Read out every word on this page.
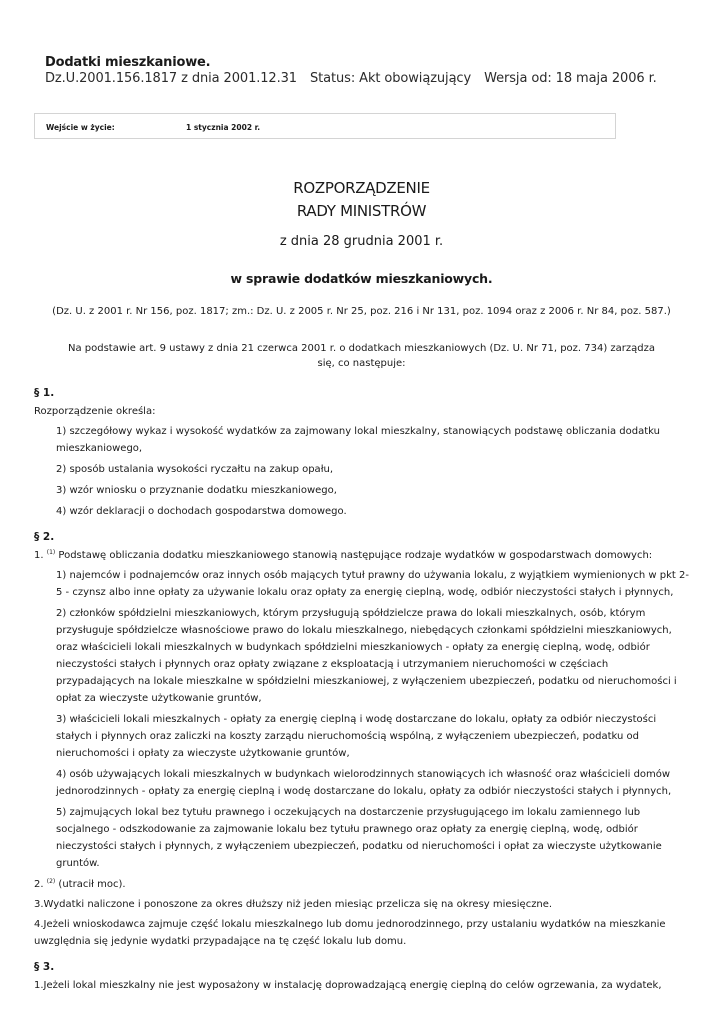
Dodatki mieszkaniowe.
Dz.U.2001.156.1817 z dnia 2001.12.31 Status: Akt obowiązujący Wersja od: 18 maja 2006 r.
Wejście w życie:	1 stycznia 2002 r.
ROZPORZĄDZENIE
RADY MINISTRÓW
z dnia 28 grudnia 2001 r.
w sprawie dodatków mieszkaniowych.
(Dz. U. z 2001 r. Nr 156, poz. 1817; zm.: Dz. U. z 2005 r. Nr 25, poz. 216 i Nr 131, poz. 1094 oraz z 2006 r. Nr 84, poz. 587.)
Na podstawie art. 9 ustawy z dnia 21 czerwca 2001 r. o dodatkach mieszkaniowych (Dz. U. Nr 71, poz. 734) zarządza się, co następuje:
§ 1.
Rozporządzenie określa:
1) szczegółowy wykaz i wysokość wydatków za zajmowany lokal mieszkalny, stanowiących podstawę obliczania dodatku mieszkaniowego,
2) sposób ustalania wysokości ryczałtu na zakup opału,
3) wzór wniosku o przyznanie dodatku mieszkaniowego,
4) wzór deklaracji o dochodach gospodarstwa domowego.
§ 2.
1. $^{(1)}$ Podstawę obliczania dodatku mieszkaniowego stanowią następujące rodzaje wydatków w gospodarstwach domowych:
1) najemców i podnajemców oraz innych osób mających tytuł prawny do używania lokalu, z wyjątkiem wymienionych w pkt 2-5 - czynsz albo inne opłaty za używanie lokalu oraz opłaty za energię cieplną, wodę, odbiór nieczystości stałych i płynnych,
2) członków spółdzielni mieszkaniowych, którym przysługują spółdzielcze prawa do lokali mieszkalnych, osób, którym przysługuje spółdzielcze własnościowe prawo do lokalu mieszkalnego, niebędących członkami spółdzielni mieszkaniowych, oraz właścicieli lokali mieszkalnych w budynkach spółdzielni mieszkaniowych - opłaty za energię cieplną, wodę, odbiór nieczystości stałych i płynnych oraz opłaty związane z eksploatacją i utrzymaniem nieruchomości w częściach przypadających na lokale mieszkalne w spółdzielni mieszkaniowej, z wyłączeniem ubezpieczeń, podatku od nieruchomości i opłat za wieczyste użytkowanie gruntów,
3) właścicieli lokali mieszkalnych - opłaty za energię cieplną i wodę dostarczane do lokalu, opłaty za odbiór nieczystości stałych i płynnych oraz zaliczki na koszty zarządu nieruchomością wspólną, z wyłączeniem ubezpieczeń, podatku od nieruchomości i opłaty za wieczyste użytkowanie gruntów,
4) osób używających lokali mieszkalnych w budynkach wielorodzinnych stanowiących ich własność oraz właścicieli domów jednorodzinnych - opłaty za energię cieplną i wodę dostarczane do lokalu, opłaty za odbiór nieczystości stałych i płynnych,
5) zajmujących lokal bez tytułu prawnego i oczekujących na dostarczenie przysługującego im lokalu zamiennego lub socjalnego - odszkodowanie za zajmowanie lokalu bez tytułu prawnego oraz opłaty za energię cieplną, wodę, odbiór nieczystości stałych i płynnych, z wyłączeniem ubezpieczeń, podatku od nieruchomości i opłat za wieczyste użytkowanie gruntów.
2. $^{(2)}$ (utracił moc).
3.Wydatki naliczone i ponoszone za okres dłuższy niż jeden miesiąc przelicza się na okresy miesięczne.
4.Jeżeli wnioskodawca zajmuje część lokalu mieszkalnego lub domu jednorodzinnego, przy ustalaniu wydatków na mieszkanie uwzględnia się jedynie wydatki przypadające na tę część lokalu lub domu.
§ 3.
1.Jeżeli lokal mieszkalny nie jest wyposażony w instalację doprowadzającą energię cieplną do celów ogrzewania, za wydatek,
